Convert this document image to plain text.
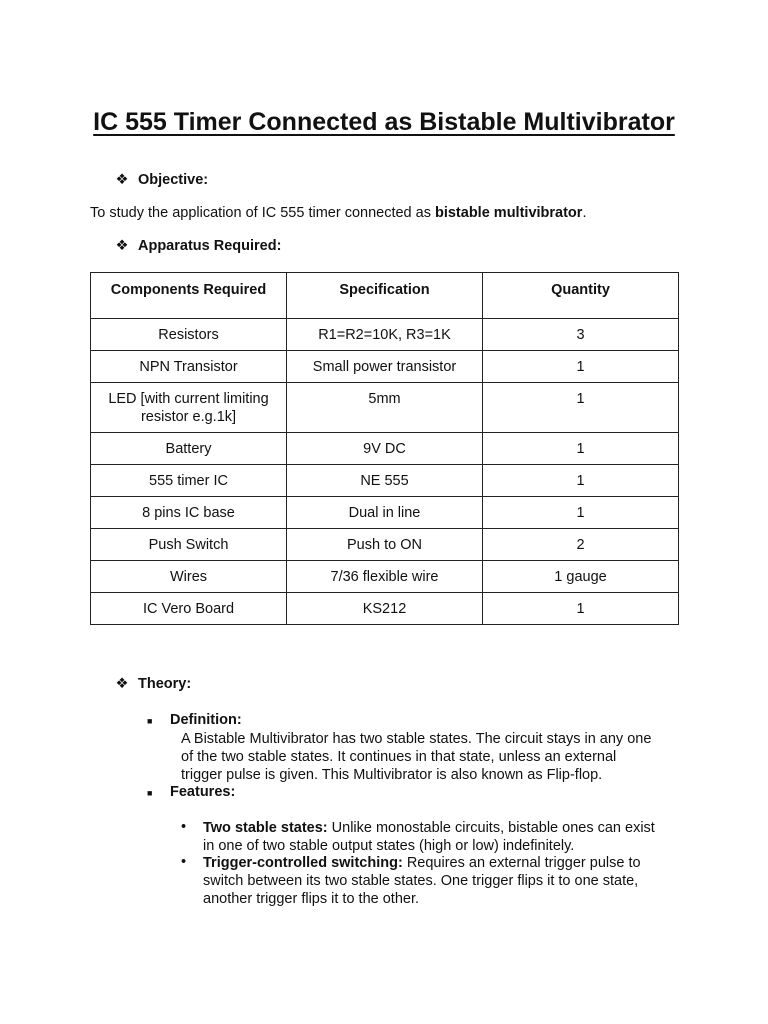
IC 555 Timer Connected as Bistable Multivibrator
❖ Objective:
To study the application of IC 555 timer connected as bistable multivibrator.
❖ Apparatus Required:
Components Required	Specification	Quantity
Resistors	R1=R2=10K, R3=1K	3
NPN Transistor	Small power transistor	1
LED [with current limiting resistor e.g.1k]	5mm	1
Battery	9V DC	1
555 timer IC	NE 555	1
8 pins IC base	Dual in line	1
Push Switch	Push to ON	2
Wires	7/36 flexible wire	1 gauge
IC Vero Board	KS212	1
❖ Theory:
■ Definition:
A Bistable Multivibrator has two stable states. The circuit stays in any one
of the two stable states. It continues in that state, unless an external
trigger pulse is given. This Multivibrator is also known as Flip-flop.
■ Features:
• Two stable states: Unlike monostable circuits, bistable ones can exist
in one of two stable output states (high or low) indefinitely.
• Trigger-controlled switching: Requires an external trigger pulse to
switch between its two stable states. One trigger flips it to one state,
another trigger flips it to the other.
